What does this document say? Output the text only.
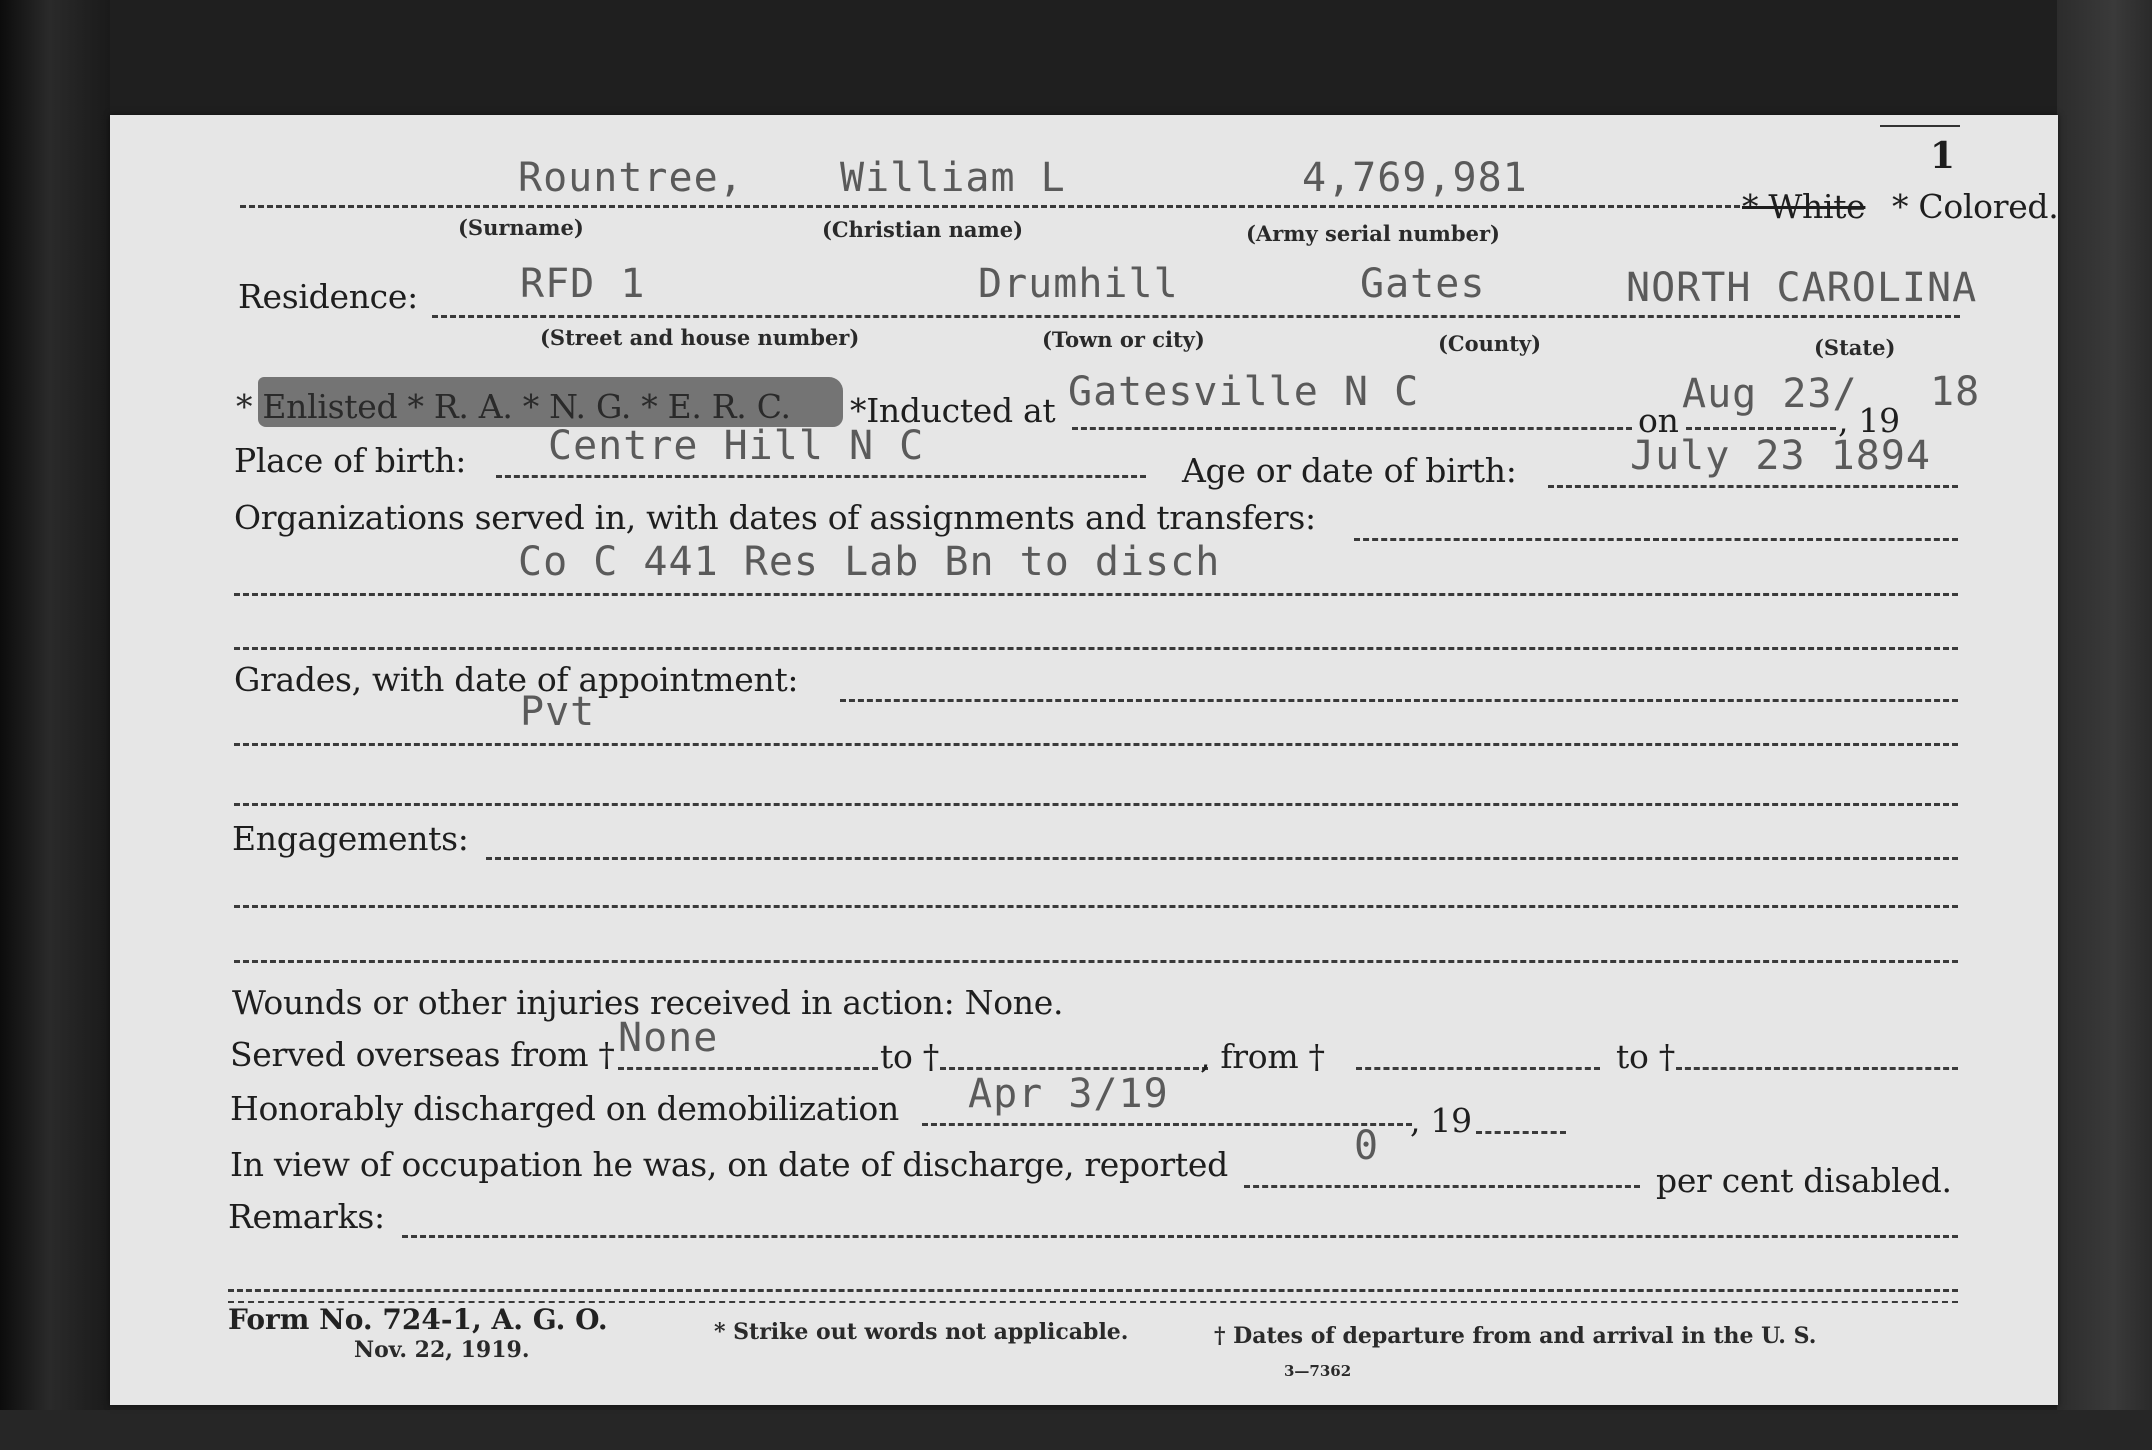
1
Rountree, William L	4,769,981
* White * Colored.
(Surname)	(Christian name)	(Army serial number)
Residence:	RFD 1	Drumhill	Gates	NORTH CAROLINA
(Street and house number)	(Town or city)	(County)	(State)
* Enlisted * R. A. * N. G. * E. R. C. *Inducted at Gatesville N C
on
Aug 23/
, 19
18
Place of birth: Centre Hill N C
Age or date of birth:	July 23 1894
Organizations served in, with dates of assignments and transfers:
Co C 441 Res Lab Bn to disch
Grades, with date of appointment:
Pvt
Engagements:
Wounds or other injuries received in action: None.
Served overseas from † None	to †	, from †	to †
Honorably discharged on demobilization Apr 3/19
, 19
In view of occupation he was, on date of discharge, reported	0
per cent disabled.
Remarks:
Form No. 724-1, A. G. O.
Nov. 22, 1919.
* Strike out words not applicable.	† Dates of departure from and arrival in the U. S.
3—7362
